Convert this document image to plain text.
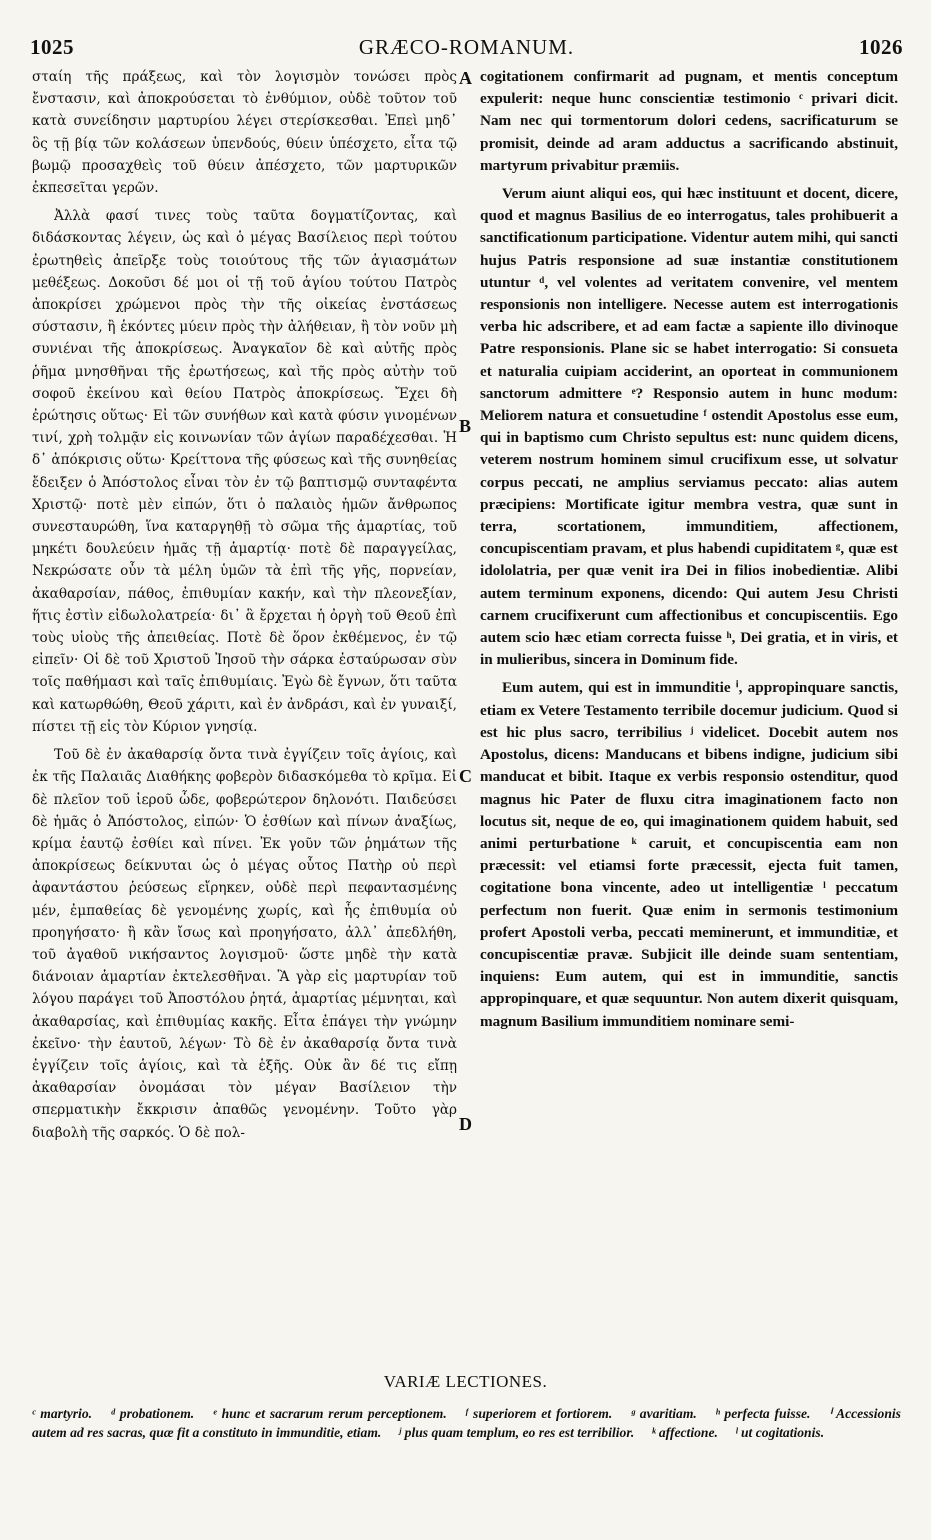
1025	GRÆCO-ROMANUM.	1026

σταίη τῆς πράξεως, καὶ τὸν λογισμὸν τονώσει πρὸς ἔνστασιν, καὶ ἀποκρούσεται τὸ ἐνθύμιον, οὐδὲ τοῦτον τοῦ κατὰ συνείδησιν μαρτυρίου λέγει στερίσκεσθαι. Ἐπεὶ μηδ᾽ ὃς τῇ βίᾳ τῶν κολάσεων ὑπενδούς, θύειν ὑπέσχετο, εἶτα τῷ βωμῷ προσαχθεὶς τοῦ θύειν ἀπέσχετο, τῶν μαρτυρικῶν ἐκπεσεῖται γερῶν.

Ἀλλὰ φασί τινες τοὺς ταῦτα δογματίζοντας, καὶ διδάσκοντας λέγειν, ὡς καὶ ὁ μέγας Βασίλειος περὶ τούτου ἐρωτηθεὶς ἀπεῖρξε τοὺς τοιούτους τῆς τῶν ἁγιασμάτων μεθέξεως. Δοκοῦσι δέ μοι οἱ τῇ τοῦ ἁγίου τούτου Πατρὸς ἀποκρίσει χρώμενοι πρὸς τὴν τῆς οἰκείας ἐνστάσεως σύστασιν, ἢ ἑκόντες μύειν πρὸς τὴν ἀλήθειαν, ἢ τὸν νοῦν μὴ συνιέναι τῆς ἀποκρίσεως. Ἀναγκαῖον δὲ καὶ αὐτῆς πρὸς ῥῆμα μνησθῆναι τῆς ἐρωτήσεως, καὶ τῆς πρὸς αὐτὴν τοῦ σοφοῦ ἐκείνου καὶ θείου Πατρὸς ἀποκρίσεως. Ἔχει δὴ ἐρώτησις οὕτως· Εἰ τῶν συνήθων καὶ κατὰ φύσιν γινομένων τινί, χρὴ τολμᾷν εἰς κοινωνίαν τῶν ἁγίων παραδέχεσθαι. Ἡ δ᾽ ἀπόκρισις οὕτω· Κρείττονα τῆς φύσεως καὶ τῆς συνηθείας ἔδειξεν ὁ Ἀπόστολος εἶναι τὸν ἐν τῷ βαπτισμῷ συνταφέντα Χριστῷ· ποτὲ μὲν εἰπών, ὅτι ὁ παλαιὸς ἡμῶν ἄνθρωπος συνεσταυρώθη, ἵνα καταργηθῇ τὸ σῶμα τῆς ἁμαρτίας, τοῦ μηκέτι δουλεύειν ἡμᾶς τῇ ἁμαρτίᾳ· ποτὲ δὲ παραγγείλας, Νεκρώσατε οὖν τὰ μέλη ὑμῶν τὰ ἐπὶ τῆς γῆς, πορνείαν, ἀκαθαρσίαν, πάθος, ἐπιθυμίαν κακήν, καὶ τὴν πλεονεξίαν, ἥτις ἐστὶν εἰδωλολατρεία· δι᾽ ἃ ἔρχεται ἡ ὀργὴ τοῦ Θεοῦ ἐπὶ τοὺς υἱοὺς τῆς ἀπειθείας. Ποτὲ δὲ ὅρον ἐκθέμενος, ἐν τῷ εἰπεῖν· Οἱ δὲ τοῦ Χριστοῦ Ἰησοῦ τὴν σάρκα ἐσταύρωσαν σὺν τοῖς παθήμασι καὶ ταῖς ἐπιθυμίαις. Ἐγὼ δὲ ἔγνων, ὅτι ταῦτα καὶ κατωρθώθη, Θεοῦ χάριτι, καὶ ἐν ἀνδράσι, καὶ ἐν γυναιξί, πίστει τῇ εἰς τὸν Κύριον γνησίᾳ.

Τοῦ δὲ ἐν ἀκαθαρσίᾳ ὄντα τινὰ ἐγγίζειν τοῖς ἁγίοις, καὶ ἐκ τῆς Παλαιᾶς Διαθήκης φοβερὸν διδασκόμεθα τὸ κρῖμα. Εἰ δὲ πλεῖον τοῦ ἱεροῦ ὧδε, φοβερώτερον δηλονότι. Παιδεύσει δὲ ἡμᾶς ὁ Ἀπόστολος, εἰπών· Ὁ ἐσθίων καὶ πίνων ἀναξίως, κρίμα ἑαυτῷ ἐσθίει καὶ πίνει. Ἐκ γοῦν τῶν ῥημάτων τῆς ἀποκρίσεως δείκνυται ὡς ὁ μέγας οὗτος Πατὴρ οὐ περὶ ἀφαντάστου ῥεύσεως εἴρηκεν, οὐδὲ περὶ πεφαντασμένης μέν, ἐμπαθείας δὲ γενομένης χωρίς, καὶ ἧς ἐπιθυμία οὐ προηγήσατο· ἢ κἂν ἴσως καὶ προηγήσατο, ἀλλ᾽ ἀπεδλήθη, τοῦ ἀγαθοῦ νικήσαντος λογισμοῦ· ὥστε μηδὲ τὴν κατὰ διάνοιαν ἁμαρτίαν ἐκτελεσθῆναι. Ἃ γὰρ εἰς μαρτυρίαν τοῦ λόγου παράγει τοῦ Ἀποστόλου ῥητά, ἁμαρτίας μέμνηται, καὶ ἀκαθαρσίας, καὶ ἐπιθυμίας κακῆς. Εἶτα ἐπάγει τὴν γνώμην ἐκεῖνο· τὴν ἑαυτοῦ, λέγων· Τὸ δὲ ἐν ἀκαθαρσίᾳ ὄντα τινὰ ἐγγίζειν τοῖς ἁγίοις, καὶ τὰ ἑξῆς. Οὐκ ἂν δέ τις εἴπῃ ἀκαθαρσίαν ὀνομάσαι τὸν μέγαν Βασίλειον τὴν σπερματικὴν ἔκκρισιν ἀπαθῶς γενομένην. Τοῦτο γὰρ διαβολὴ τῆς σαρκός. Ὁ δὲ πολ-

A
B
C
D

cogitationem confirmarit ad pugnam, et mentis conceptum expulerit: neque hunc conscientiæ testimonio ᶜ privari dicit. Nam nec qui tormentorum dolori cedens, sacrificaturum se promisit, deinde ad aram adductus a sacrificando abstinuit, martyrum privabitur præmiis.

Verum aiunt aliqui eos, qui hæc instituunt et docent, dicere, quod et magnus Basilius de eo interrogatus, tales prohibuerit a sanctificationum participatione. Videntur autem mihi, qui sancti hujus Patris responsione ad suæ instantiæ constitutionem utuntur ᵈ, vel volentes ad veritatem convenire, vel mentem responsionis non intelligere. Necesse autem est interrogationis verba hic adscribere, et ad eam factæ a sapiente illo divinoque Patre responsionis. Plane sic se habet interrogatio: Si consueta et naturalia cuipiam acciderint, an oporteat in communionem sanctorum admittere ᵉ? Responsio autem in hunc modum: Meliorem natura et consuetudine ᶠ ostendit Apostolus esse eum, qui in baptismo cum Christo sepultus est: nunc quidem dicens, veterem nostrum hominem simul crucifixum esse, ut solvatur corpus peccati, ne amplius serviamus peccato: alias autem præcipiens: Mortificate igitur membra vestra, quæ sunt in terra, scortationem, immunditiem, affectionem, concupiscentiam pravam, et plus habendi cupiditatem ᵍ, quæ est idololatria, per quæ venit ira Dei in filios inobedientiæ. Alibi autem terminum exponens, dicendo: Qui autem Jesu Christi carnem crucifixerunt cum affectionibus et concupiscentiis. Ego autem scio hæc etiam correcta fuisse ʰ, Dei gratia, et in viris, et in mulieribus, sincera in Dominum fide.

Eum autem, qui est in immunditie ⁱ, appropinquare sanctis, etiam ex Vetere Testamento terribile docemur judicium. Quod si est hic plus sacro, terribilius ʲ videlicet. Docebit autem nos Apostolus, dicens: Manducans et bibens indigne, judicium sibi manducat et bibit. Itaque ex verbis responsio ostenditur, quod magnus hic Pater de fluxu citra imaginationem facto non locutus sit, neque de eo, qui imaginationem quidem habuit, sed animi perturbatione ᵏ caruit, et concupiscentia eam non præcessit: vel etiamsi forte præcessit, ejecta fuit tamen, cogitatione bona vincente, adeo ut intelligentiæ ˡ peccatum perfectum non fuerit. Quæ enim in sermonis testimonium profert Apostoli verba, peccati meminerunt, et immunditiæ, et concupiscentiæ pravæ. Subjicit ille deinde suam sententiam, inquiens: Eum autem, qui est in immunditie, sanctis appropinquare, et quæ sequuntur. Non autem dixerit quisquam, magnum Basilium immunditiem nominare semi-

VARIÆ LECTIONES.
ᶜ martyrio. ᵈ probationem. ᵉ hunc et sacrarum rerum perceptionem. ᶠ superiorem et fortiorem. ᵍ avaritiam. ʰ perfecta fuisse. ⁱ Accessionis autem ad res sacras, quæ fit a constituto in immunditie, etiam. ʲ plus quam templum, eo res est terribilior. ᵏ affectione. ˡ ut cogitationis.
